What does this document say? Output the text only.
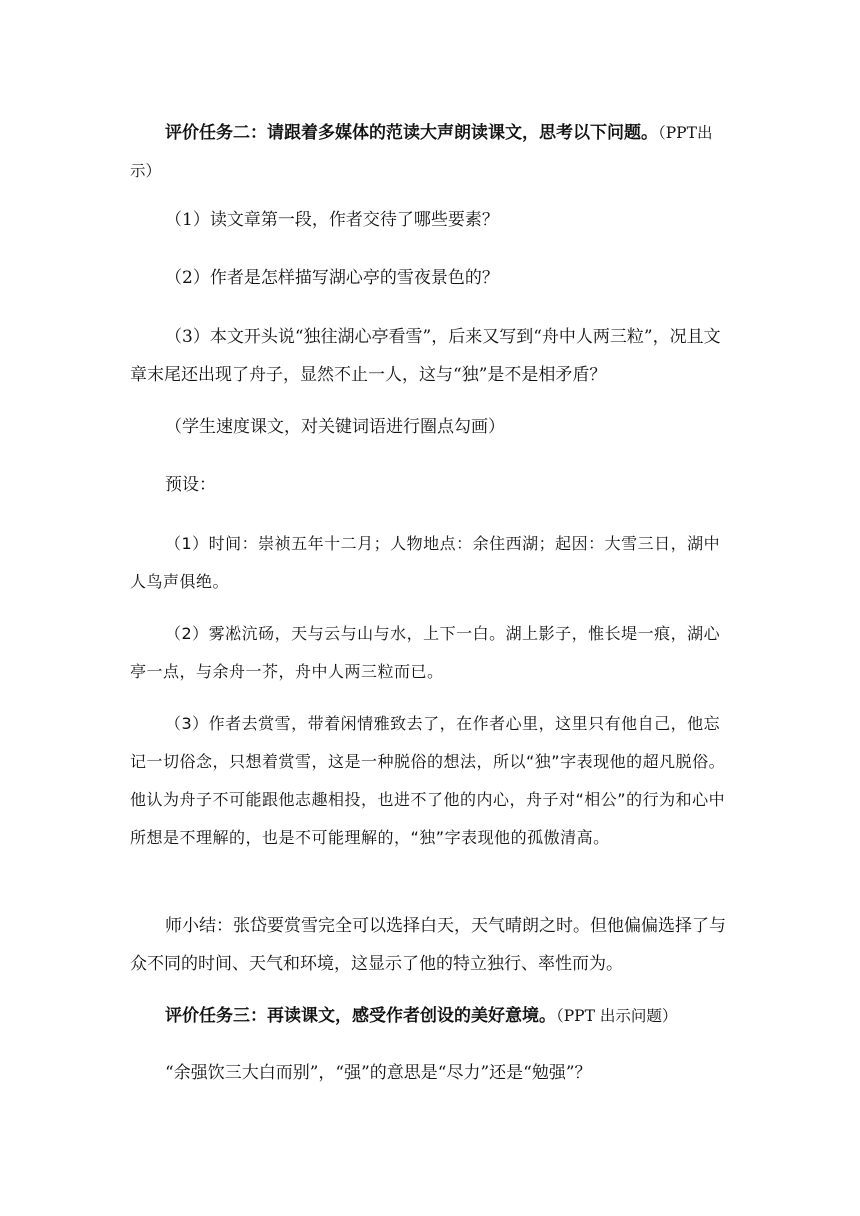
评价任务二：请跟着多媒体的范读大声朗读课文，思考以下问题。（PPT出示）

（1）读文章第一段，作者交待了哪些要素？

（2）作者是怎样描写湖心亭的雪夜景色的？

（3）本文开头说“独往湖心亭看雪”，后来又写到“舟中人两三粒”，况且文章末尾还出现了舟子，显然不止一人，这与“独”是不是相矛盾？

（学生速度课文，对关键词语进行圈点勾画）

预设：

（1）时间：崇祯五年十二月；人物地点：余住西湖；起因：大雪三日，湖中人鸟声俱绝。

（2）雾凇沆砀，天与云与山与水，上下一白。湖上影子，惟长堤一痕，湖心亭一点，与余舟一芥，舟中人两三粒而已。

（3）作者去赏雪，带着闲情雅致去了，在作者心里，这里只有他自己，他忘记一切俗念，只想着赏雪，这是一种脱俗的想法，所以“独”字表现他的超凡脱俗。他认为舟子不可能跟他志趣相投，也进不了他的内心，舟子对“相公”的行为和心中所想是不理解的，也是不可能理解的，“独”字表现他的孤傲清高。

师小结：张岱要赏雪完全可以选择白天，天气晴朗之时。但他偏偏选择了与众不同的时间、天气和环境，这显示了他的特立独行、率性而为。

评价任务三：再读课文，感受作者创设的美好意境。（PPT 出示问题）

“余强饮三大白而别”，“强”的意思是“尽力”还是“勉强”？
